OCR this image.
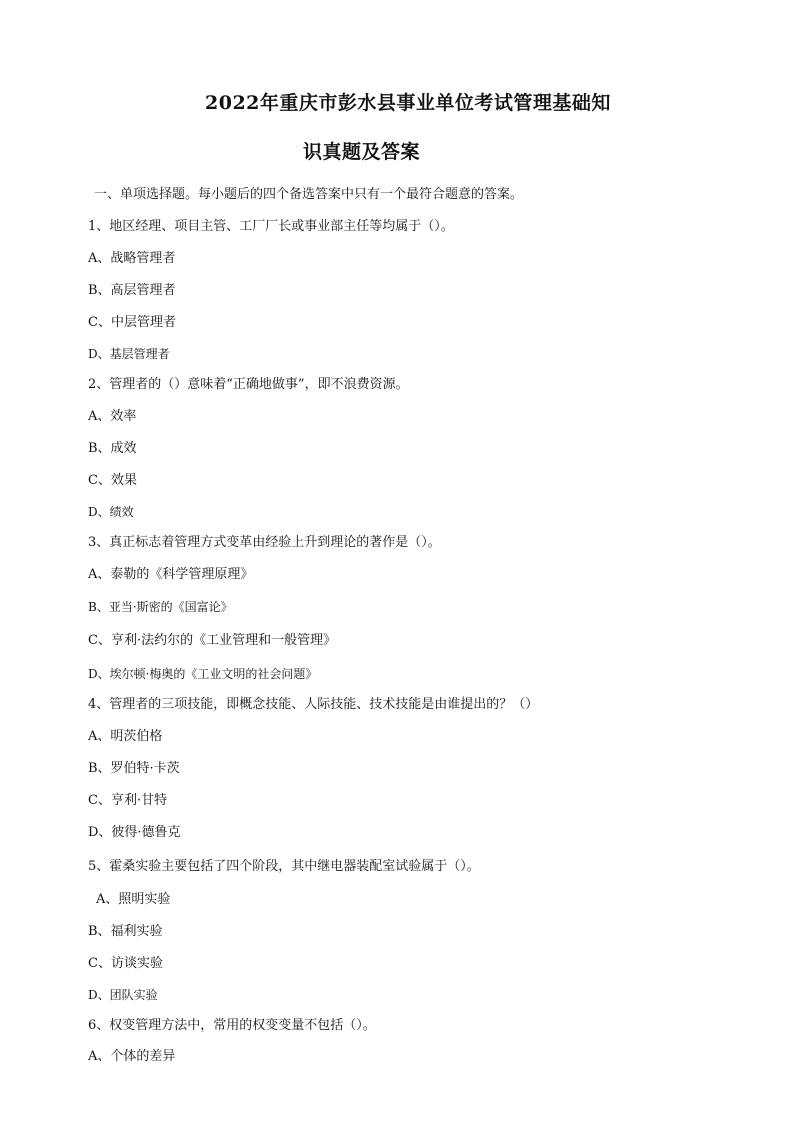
2022年重庆市彭水县事业单位考试管理基础知
识真题及答案
一、单项选择题。每小题后的四个备选答案中只有一个最符合题意的答案。
1、地区经理、项目主管、工厂厂长或事业部主任等均属于（）。
A、战略管理者
B、高层管理者
C、中层管理者
D、基层管理者
2、管理者的（）意味着“正确地做事”，即不浪费资源。
A、效率
B、成效
C、效果
D、绩效
3、真正标志着管理方式变革由经验上升到理论的著作是（）。
A、泰勒的《科学管理原理》
B、亚当·斯密的《国富论》
C、亨利·法约尔的《工业管理和一般管理》
D、埃尔顿·梅奥的《工业文明的社会问题》
4、管理者的三项技能，即概念技能、人际技能、技术技能是由谁提出的？（）
A、明茨伯格
B、罗伯特·卡茨
C、亨利·甘特
D、彼得·德鲁克
5、霍桑实验主要包括了四个阶段，其中继电器装配室试验属于（）。
A、照明实验
B、福利实验
C、访谈实验
D、团队实验
6、权变管理方法中，常用的权变变量不包括（）。
A、个体的差异
